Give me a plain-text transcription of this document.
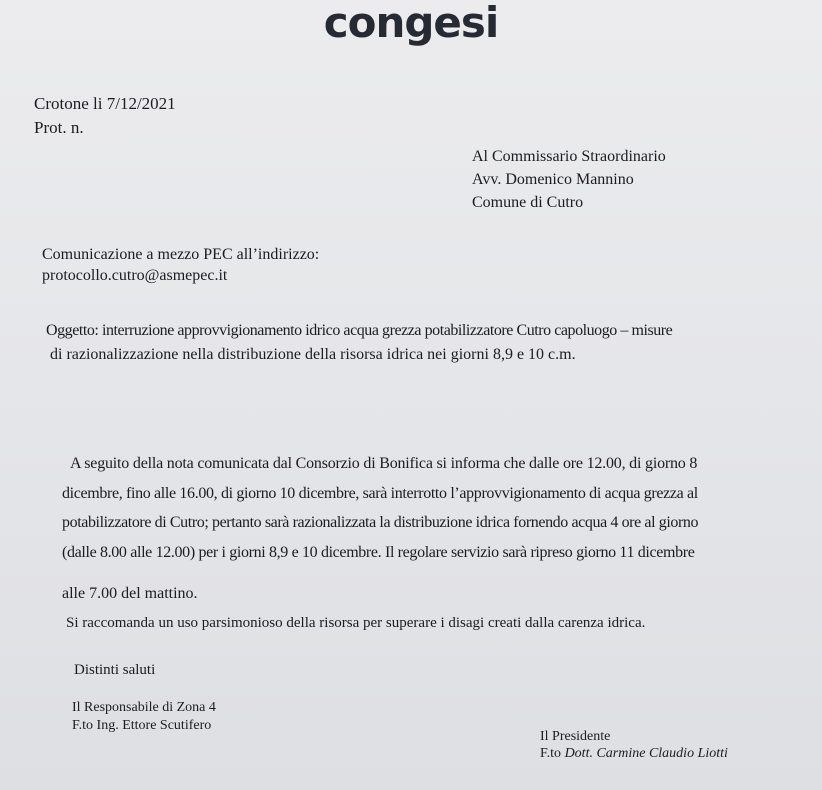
congesi
Crotone li 7/12/2021
Prot. n.
Al Commissario Straordinario
Avv. Domenico Mannino
Comune di Cutro
Comunicazione a mezzo PEC all’indirizzo:
protocollo.cutro@asmepec.it
Oggetto: interruzione approvvigionamento idrico acqua grezza potabilizzatore Cutro capoluogo – misure
di razionalizzazione nella distribuzione della risorsa idrica nei giorni 8,9 e 10 c.m.
A seguito della nota comunicata dal Consorzio di Bonifica si informa che dalle ore 12.00, di giorno 8
dicembre, fino alle 16.00, di giorno 10 dicembre, sarà interrotto l’approvvigionamento di acqua grezza al
potabilizzatore di Cutro; pertanto sarà razionalizzata la distribuzione idrica fornendo acqua 4 ore al giorno
(dalle 8.00 alle 12.00) per i giorni 8,9 e 10 dicembre. Il regolare servizio sarà ripreso giorno 11 dicembre
alle 7.00 del mattino.
Si raccomanda un uso parsimonioso della risorsa per superare i disagi creati dalla carenza idrica.
Distinti saluti
Il Responsabile di Zona 4
F.to Ing. Ettore Scutifero
Il Presidente
F.to Dott. Carmine Claudio Liotti
